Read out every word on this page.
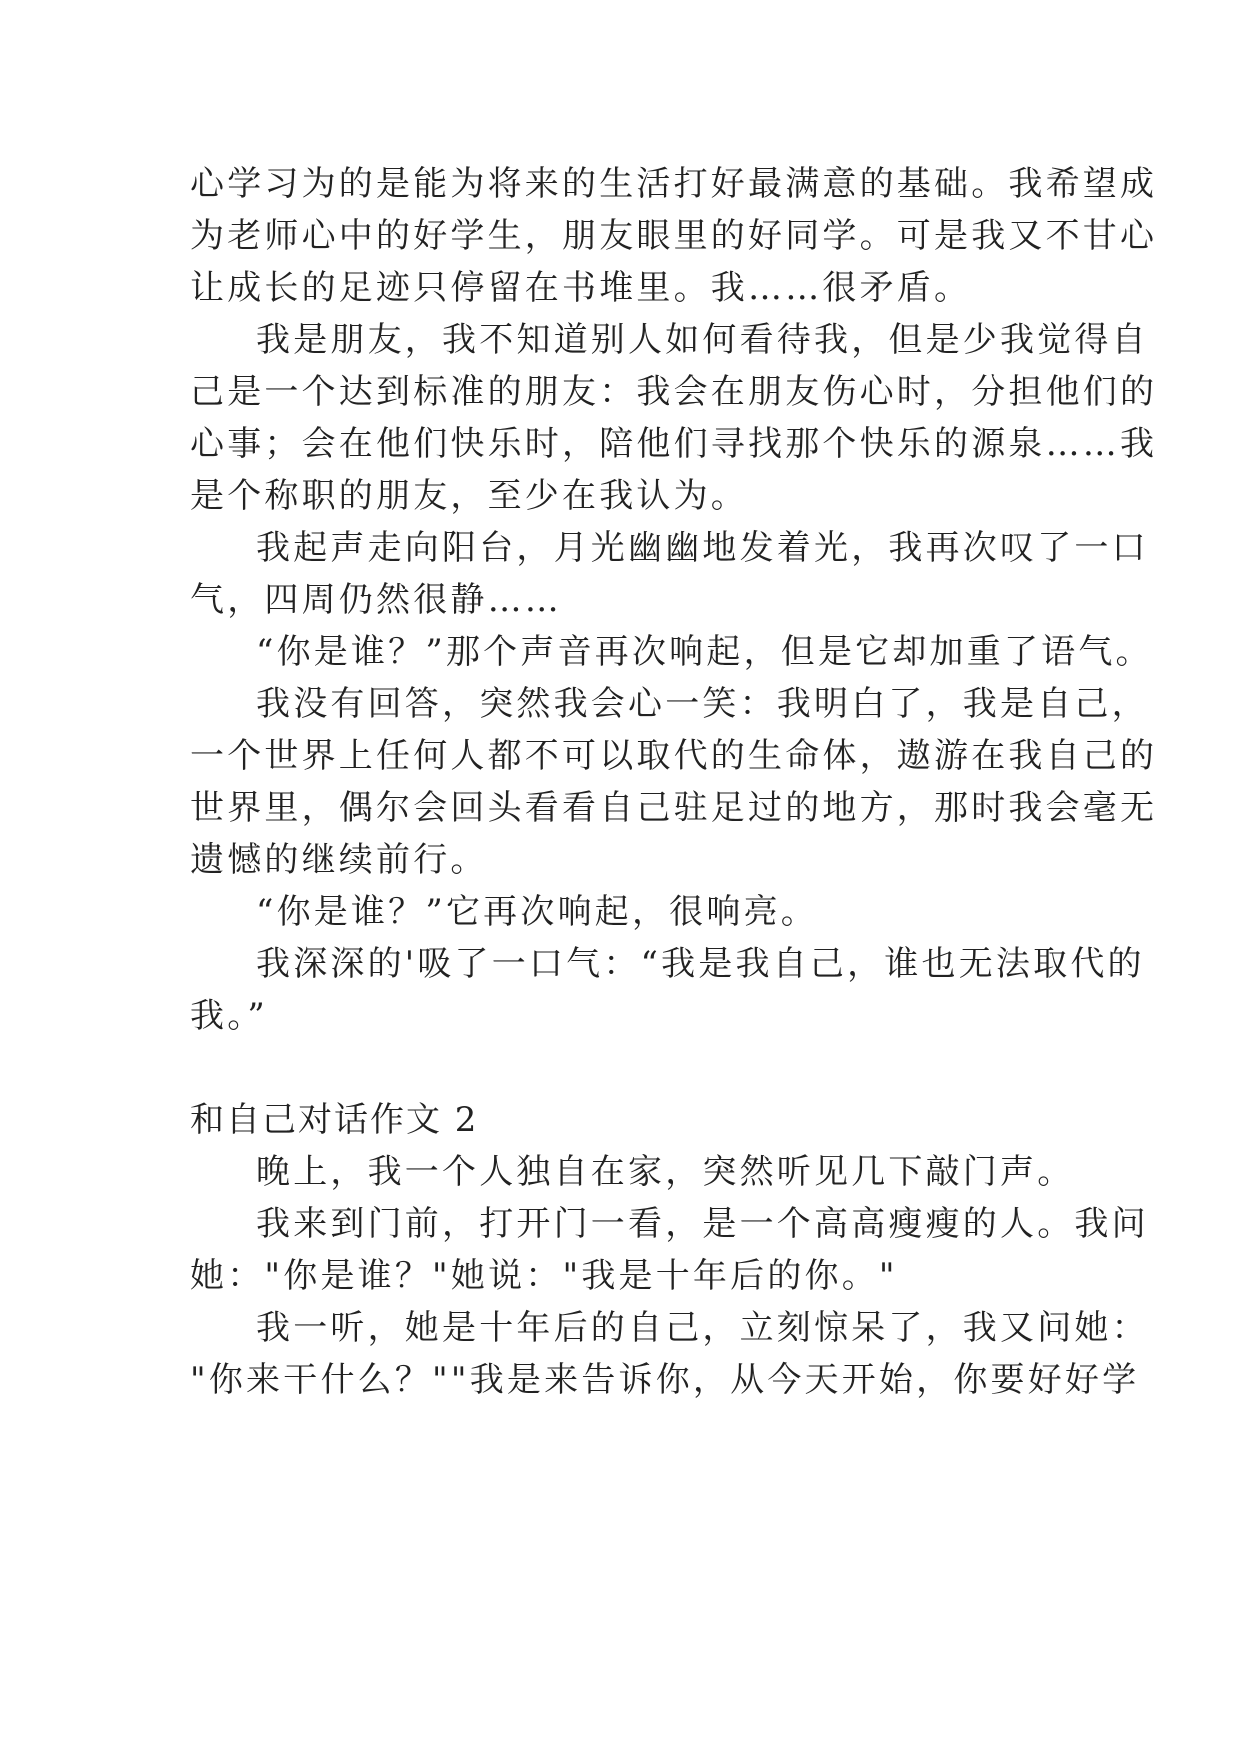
心学习为的是能为将来的生活打好最满意的基础。我希望成
为老师心中的好学生，朋友眼里的好同学。可是我又不甘心
让成长的足迹只停留在书堆里。我……很矛盾。
我是朋友，我不知道别人如何看待我，但是少我觉得自
己是一个达到标准的朋友：我会在朋友伤心时，分担他们的
心事；会在他们快乐时，陪他们寻找那个快乐的源泉……我
是个称职的朋友，至少在我认为。
我起声走向阳台，月光幽幽地发着光，我再次叹了一口
气，四周仍然很静……
“你是谁？”那个声音再次响起，但是它却加重了语气。
我没有回答，突然我会心一笑：我明白了，我是自己，
一个世界上任何人都不可以取代的生命体，遨游在我自己的
世界里，偶尔会回头看看自己驻足过的地方，那时我会毫无
遗憾的继续前行。
“你是谁？”它再次响起，很响亮。
我深深的'吸了一口气：“我是我自己，谁也无法取代的
我。”
和自己对话作文 2
晚上，我一个人独自在家，突然听见几下敲门声。
我来到门前，打开门一看，是一个高高瘦瘦的人。我问
她："你是谁？"她说："我是十年后的你。"
我一听，她是十年后的自己，立刻惊呆了，我又问她：
"你来干什么？""我是来告诉你，从今天开始，你要好好学
